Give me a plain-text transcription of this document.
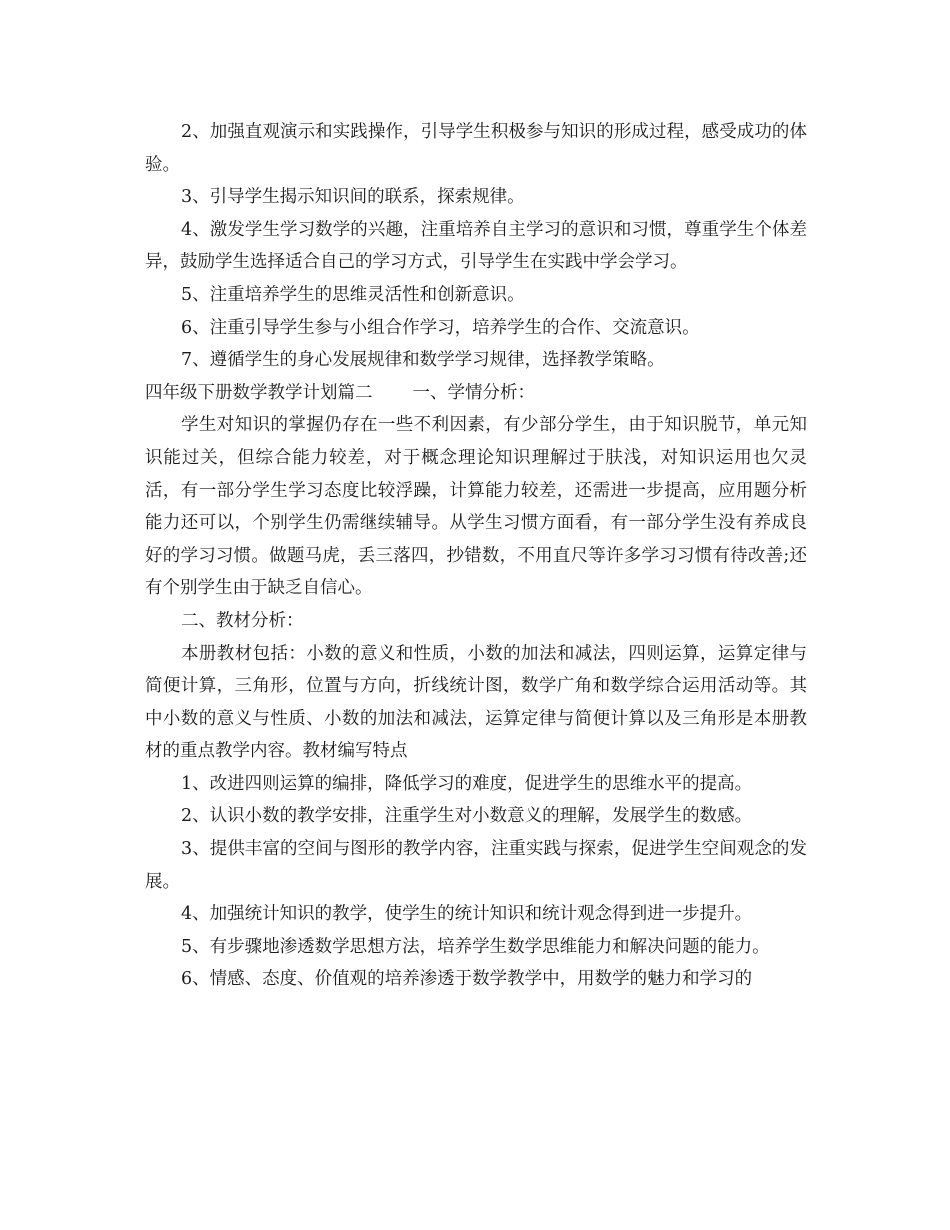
2、加强直观演示和实践操作，引导学生积极参与知识的形成过程，感受成功的体验。

3、引导学生揭示知识间的联系，探索规律。

4、激发学生学习数学的兴趣，注重培养自主学习的意识和习惯，尊重学生个体差异，鼓励学生选择适合自己的学习方式，引导学生在实践中学会学习。

5、注重培养学生的思维灵活性和创新意识。

6、注重引导学生参与小组合作学习，培养学生的合作、交流意识。

7、遵循学生的身心发展规律和数学学习规律，选择教学策略。

四年级下册数学教学计划篇二 一、学情分析：

学生对知识的掌握仍存在一些不利因素，有少部分学生，由于知识脱节，单元知识能过关，但综合能力较差，对于概念理论知识理解过于肤浅，对知识运用也欠灵活，有一部分学生学习态度比较浮躁，计算能力较差，还需进一步提高，应用题分析能力还可以，个别学生仍需继续辅导。从学生习惯方面看，有一部分学生没有养成良好的学习习惯。做题马虎，丢三落四，抄错数，不用直尺等许多学习习惯有待改善;还有个别学生由于缺乏自信心。

二、教材分析：

本册教材包括：小数的意义和性质，小数的加法和减法，四则运算，运算定律与简便计算，三角形，位置与方向，折线统计图，数学广角和数学综合运用活动等。其中小数的意义与性质、小数的加法和减法，运算定律与简便计算以及三角形是本册教材的重点教学内容。教材编写特点

1、改进四则运算的编排，降低学习的难度，促进学生的思维水平的提高。

2、认识小数的教学安排，注重学生对小数意义的理解，发展学生的数感。

3、提供丰富的空间与图形的教学内容，注重实践与探索，促进学生空间观念的发展。

4、加强统计知识的教学，使学生的统计知识和统计观念得到进一步提升。

5、有步骤地渗透数学思想方法，培养学生数学思维能力和解决问题的能力。

6、情感、态度、价值观的培养渗透于数学教学中，用数学的魅力和学习的
